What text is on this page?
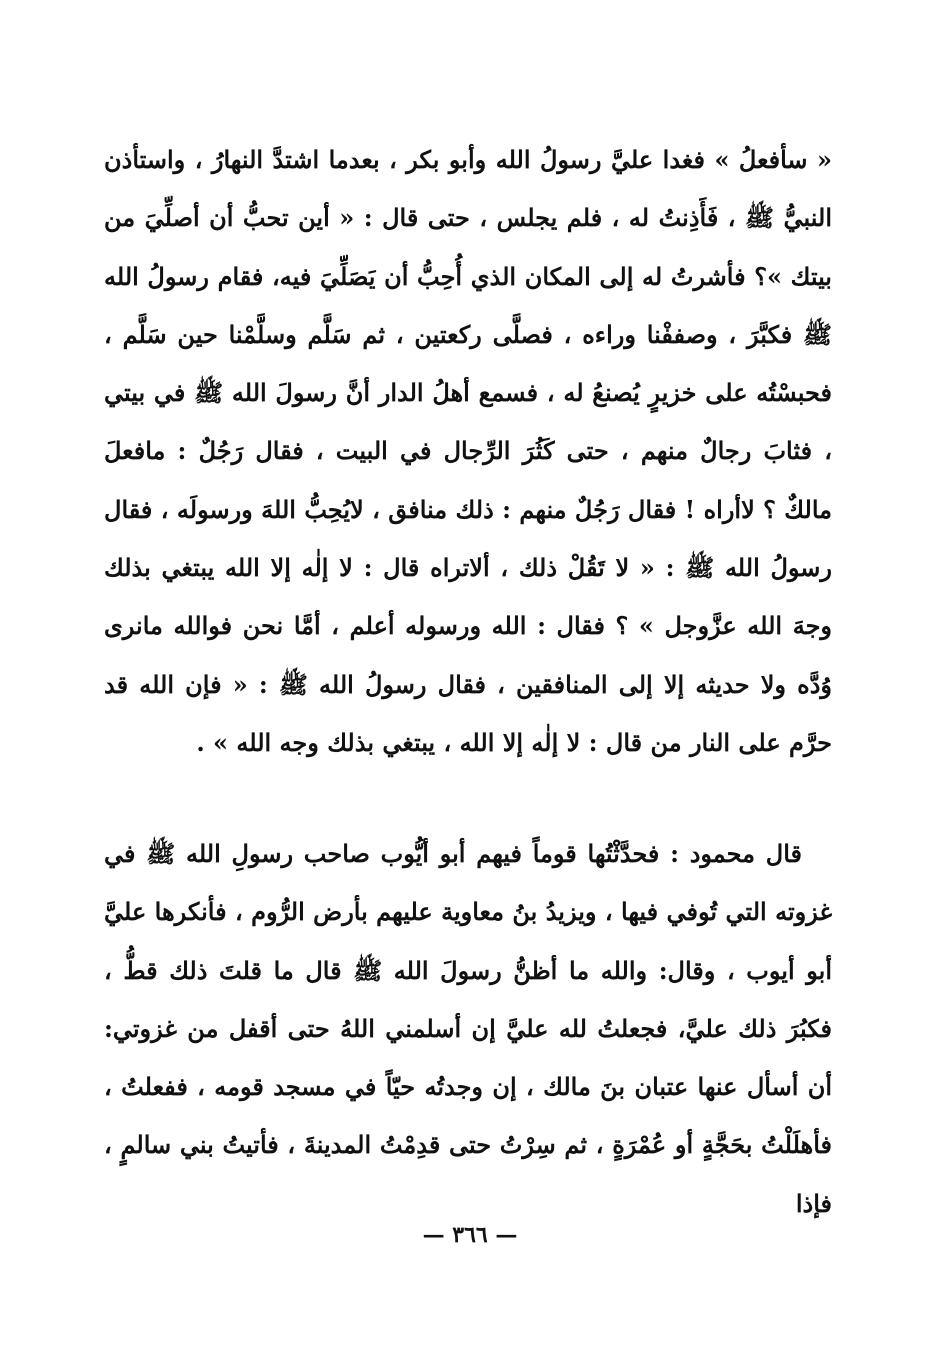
« سأفعلُ » فغدا عليَّ رسولُ الله وأبو بكر ، بعدما اشتدَّ النهارُ ، واستأذن النبيُّ ﷺ ، فَأَذِنتُ له ، فلم يجلس ، حتى قال : « أين تحبُّ أن أصلِّيَ من بيتك »؟ فأشرتُ له إلى المكان الذي أُحِبُّ أن يَصَلِّيَ فيه، فقام رسولُ الله ﷺ فكبَّرَ ، وصففْنا وراءه ، فصلَّى ركعتين ، ثم سَلَّم وسلَّمْنا حين سَلَّم ، فحبسْتُه على خزيرٍ يُصنعُ له ، فسمع أهلُ الدار أنَّ رسولَ الله ﷺ في بيتي ، فثابَ رجالٌ منهم ، حتى كَثُرَ الرِّجال في البيت ، فقال رَجُلٌ : مافعلَ مالكٌ ؟ لاأراه ! فقال رَجُلٌ منهم : ذلك منافق ، لايُحِبُّ اللهَ ورسولَه ، فقال رسولُ الله ﷺ : « لا تَقُلْ ذلك ، ألاتراه قال : لا إلٰه إلا الله يبتغي بذلك وجهَ الله عزَّوجل » ؟ فقال : الله ورسوله أعلم ، أمَّا نحن فوالله مانرى وُدَّه ولا حديثه إلا إلى المنافقين ، فقال رسولُ الله ﷺ : « فإن الله قد حرَّم على النار من قال : لا إلٰه إلا الله ، يبتغي بذلك وجه الله » .

قال محمود : فحدَّثْتُها قوماً فيهم أبو أيُّوب صاحب رسولِ الله ﷺ في غزوته التي تُوفي فيها ، ويزيدُ بنُ معاوية عليهم بأرض الرُّوم ، فأنكرها عليَّ أبو أيوب ، وقال: والله ما أظنُّ رسولَ الله ﷺ قال ما قلتَ ذلك قطُّ ، فكبُرَ ذلك عليَّ، فجعلتُ لله عليَّ إن أسلمني اللهُ حتى أقفل من غزوتي: أن أسأل عنها عتبان بنَ مالك ، إن وجدتُه حيّاً في مسجد قومه ، ففعلتُ ، فأهلَلْتُ بحَجَّةٍ أو عُمْرَةٍ ، ثم سِرْتُ حتى قدِمْتُ المدينةَ ، فأتيتُ بني سالمٍ ، فإذا

— ٣٦٦ —
